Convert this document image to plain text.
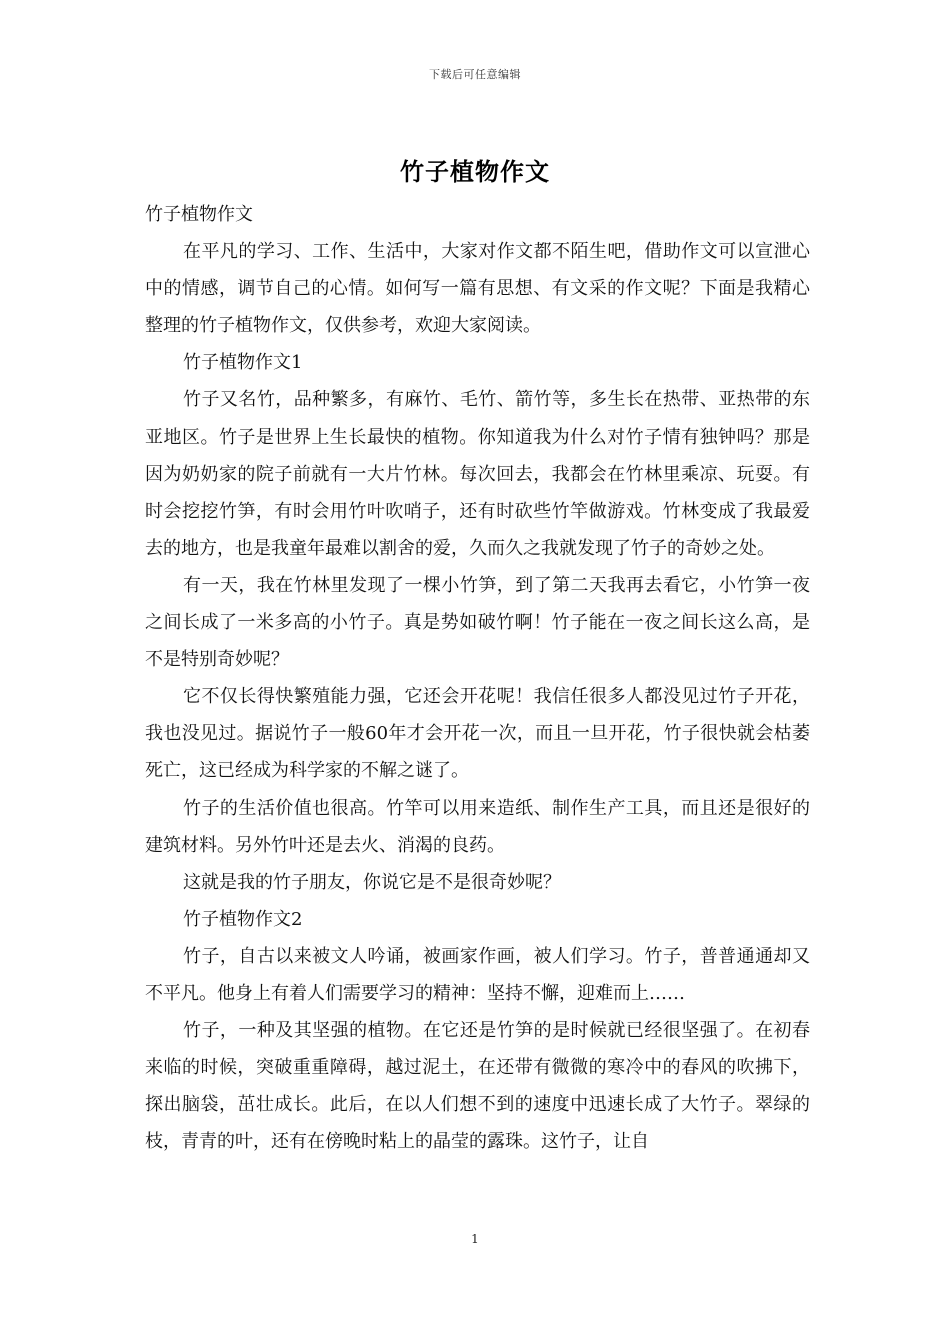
下载后可任意编辑
竹子植物作文

竹子植物作文

在平凡的学习、工作、生活中，大家对作文都不陌生吧，借助作文可以宣泄心中的情感，调节自己的心情。如何写一篇有思想、有文采的作文呢？下面是我精心整理的竹子植物作文，仅供参考，欢迎大家阅读。

竹子植物作文1

竹子又名竹，品种繁多，有麻竹、毛竹、箭竹等，多生长在热带、亚热带的东亚地区。竹子是世界上生长最快的植物。你知道我为什么对竹子情有独钟吗？那是因为奶奶家的院子前就有一大片竹林。每次回去，我都会在竹林里乘凉、玩耍。有时会挖挖竹笋，有时会用竹叶吹哨子，还有时砍些竹竿做游戏。竹林变成了我最爱去的地方，也是我童年最难以割舍的爱，久而久之我就发现了竹子的奇妙之处。

有一天，我在竹林里发现了一棵小竹笋，到了第二天我再去看它，小竹笋一夜之间长成了一米多高的小竹子。真是势如破竹啊！竹子能在一夜之间长这么高，是不是特别奇妙呢？

它不仅长得快繁殖能力强，它还会开花呢！我信任很多人都没见过竹子开花，我也没见过。据说竹子一般60年才会开花一次，而且一旦开花，竹子很快就会枯萎死亡，这已经成为科学家的不解之谜了。

竹子的生活价值也很高。竹竿可以用来造纸、制作生产工具，而且还是很好的建筑材料。另外竹叶还是去火、消渴的良药。

这就是我的竹子朋友，你说它是不是很奇妙呢？

竹子植物作文2

竹子，自古以来被文人吟诵，被画家作画，被人们学习。竹子，普普通通却又不平凡。他身上有着人们需要学习的精神：坚持不懈，迎难而上……

竹子，一种及其坚强的植物。在它还是竹笋的是时候就已经很坚强了。在初春来临的时候，突破重重障碍，越过泥土，在还带有微微的寒冷中的春风的吹拂下，探出脑袋，茁壮成长。此后，在以人们想不到的速度中迅速长成了大竹子。翠绿的枝，青青的叶，还有在傍晚时粘上的晶莹的露珠。这竹子，让自

1
